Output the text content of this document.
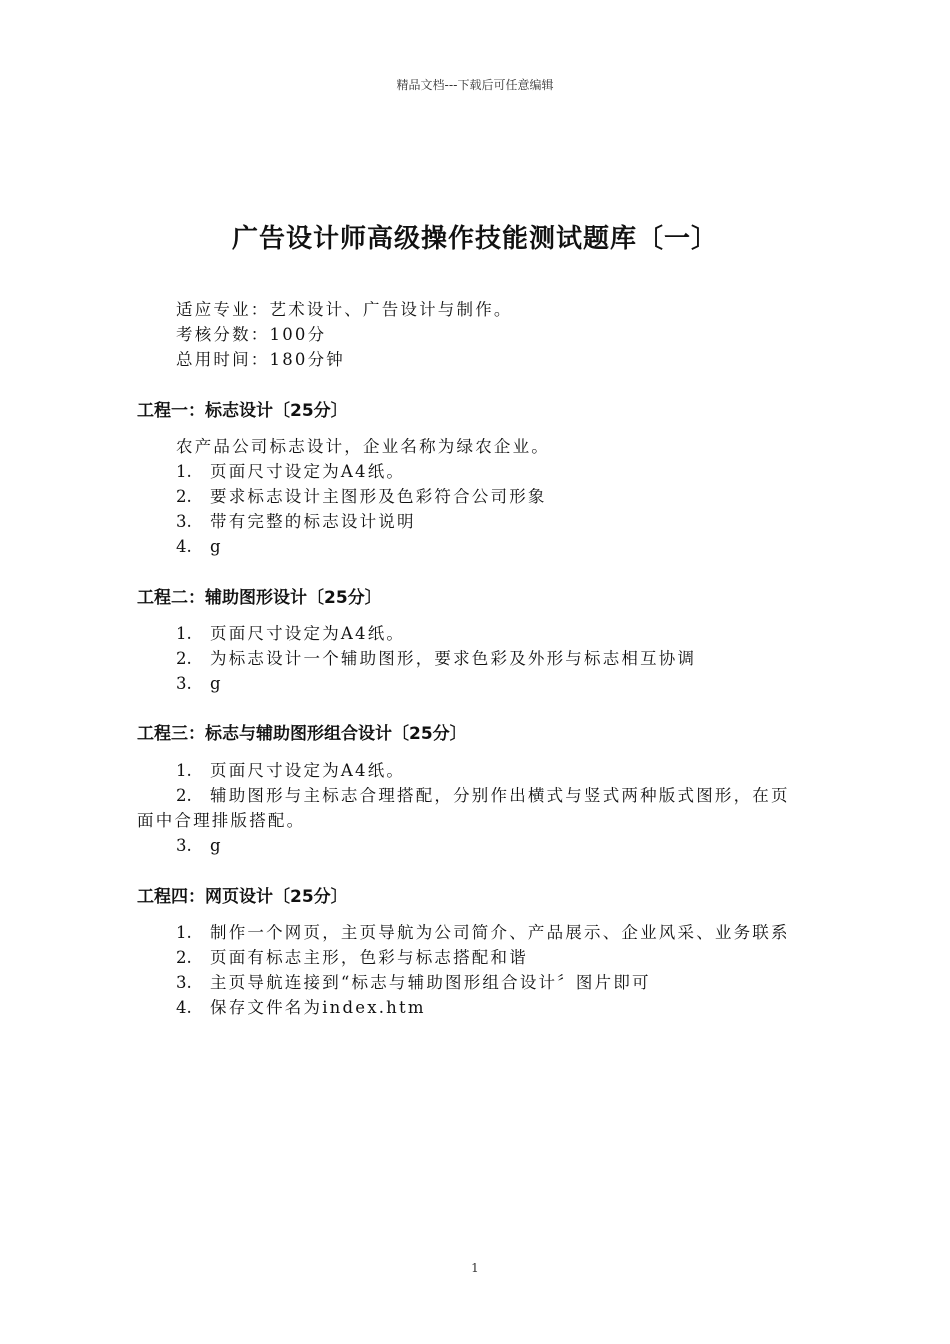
精品文档---下载后可任意编辑
广告设计师高级操作技能测试题库〔一〕
适应专业：艺术设计、广告设计与制作。
考核分数：100分
总用时间：180分钟
工程一：标志设计〔25分〕
农产品公司标志设计，企业名称为绿农企业。
1. 页面尺寸设定为A4纸。
2. 要求标志设计主图形及色彩符合公司形象
3. 带有完整的标志设计说明
4. g
工程二：辅助图形设计〔25分〕
1. 页面尺寸设定为A4纸。
2. 为标志设计一个辅助图形，要求色彩及外形与标志相互协调
3. g
工程三：标志与辅助图形组合设计〔25分〕
1. 页面尺寸设定为A4纸。
2. 辅助图形与主标志合理搭配，分别作出横式与竖式两种版式图形，在页
面中合理排版搭配。
3. g
工程四：网页设计〔25分〕
1. 制作一个网页，主页导航为公司简介、产品展示、企业风采、业务联系
2. 页面有标志主形，色彩与标志搭配和谐
3. 主页导航连接到“标志与辅助图形组合设计〞图片即可
4. 保存文件名为index.htm
1
